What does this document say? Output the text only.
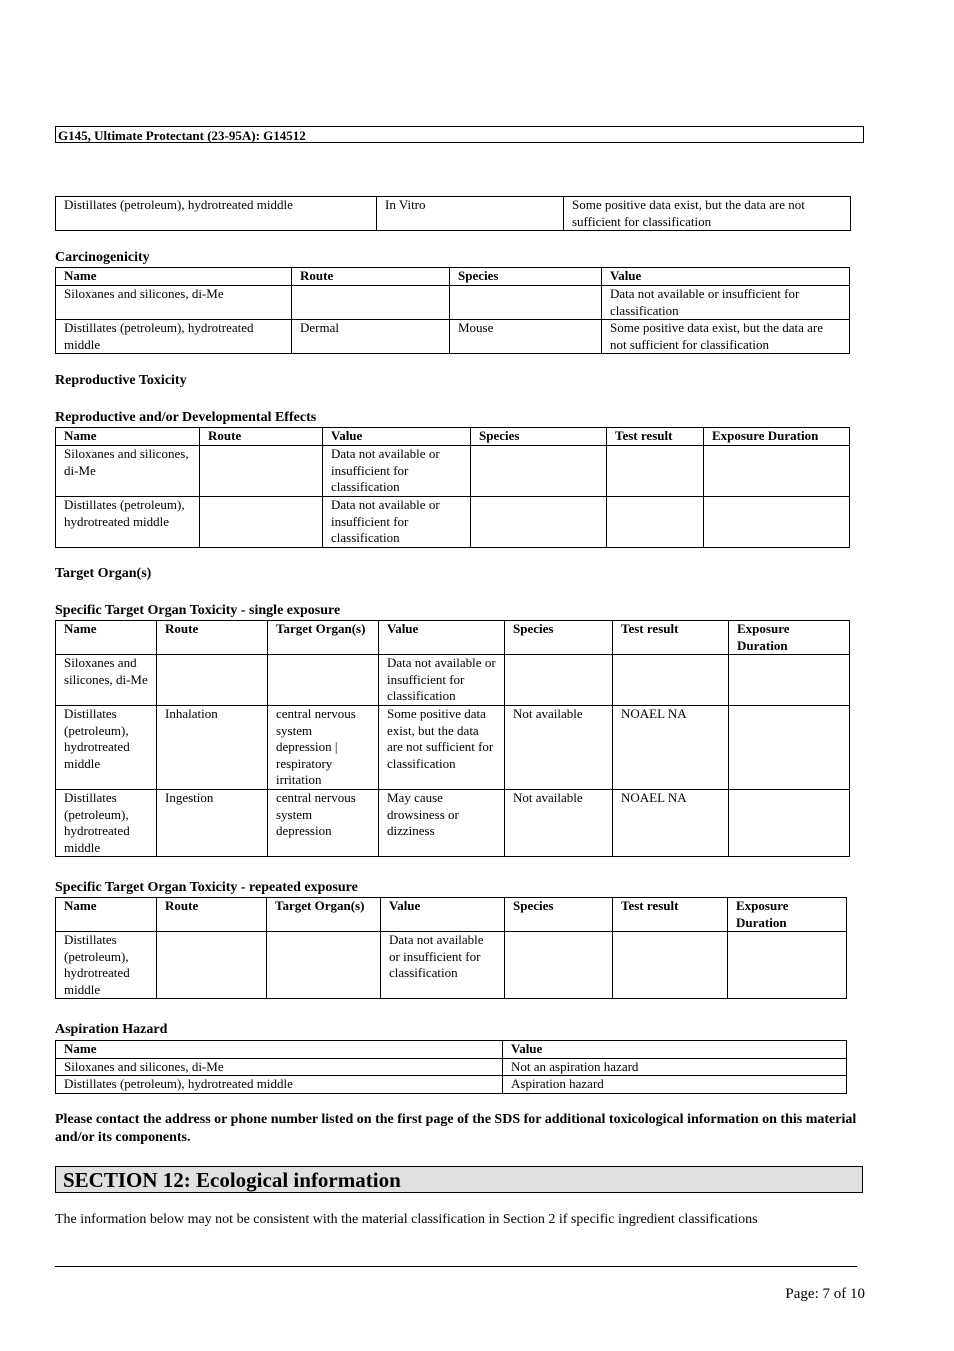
G145, Ultimate Protectant (23-95A): G14512
Distillates (petroleum), hydrotreated middle	In Vitro	Some positive data exist, but the data are not sufficient for classification
Carcinogenicity
Name	Route	Species	Value
Siloxanes and silicones, di-Me			Data not available or insufficient for classification
Distillates (petroleum), hydrotreated middle	Dermal	Mouse	Some positive data exist, but the data are not sufficient for classification
Reproductive Toxicity
Reproductive and/or Developmental Effects
Name	Route	Value	Species	Test result	Exposure Duration
Siloxanes and silicones, di-Me		Data not available or insufficient for classification			
Distillates (petroleum), hydrotreated middle		Data not available or insufficient for classification			
Target Organ(s)
Specific Target Organ Toxicity - single exposure
Name	Route	Target Organ(s)	Value	Species	Test result	Exposure Duration
Siloxanes and silicones, di-Me			Data not available or insufficient for classification			
Distillates (petroleum), hydrotreated middle	Inhalation	central nervous system depression | respiratory irritation	Some positive data exist, but the data are not sufficient for classification	Not available	NOAEL NA	
Distillates (petroleum), hydrotreated middle	Ingestion	central nervous system depression	May cause drowsiness or dizziness	Not available	NOAEL NA	
Specific Target Organ Toxicity - repeated exposure
Name	Route	Target Organ(s)	Value	Species	Test result	Exposure Duration
Distillates (petroleum), hydrotreated middle			Data not available or insufficient for classification			
Aspiration Hazard
Name	Value
Siloxanes and silicones, di-Me	Not an aspiration hazard
Distillates (petroleum), hydrotreated middle	Aspiration hazard
Please contact the address or phone number listed on the first page of the SDS for additional toxicological information on this material and/or its components.
SECTION 12: Ecological information
The information below may not be consistent with the material classification in Section 2 if specific ingredient classifications
Page: 7 of 10
